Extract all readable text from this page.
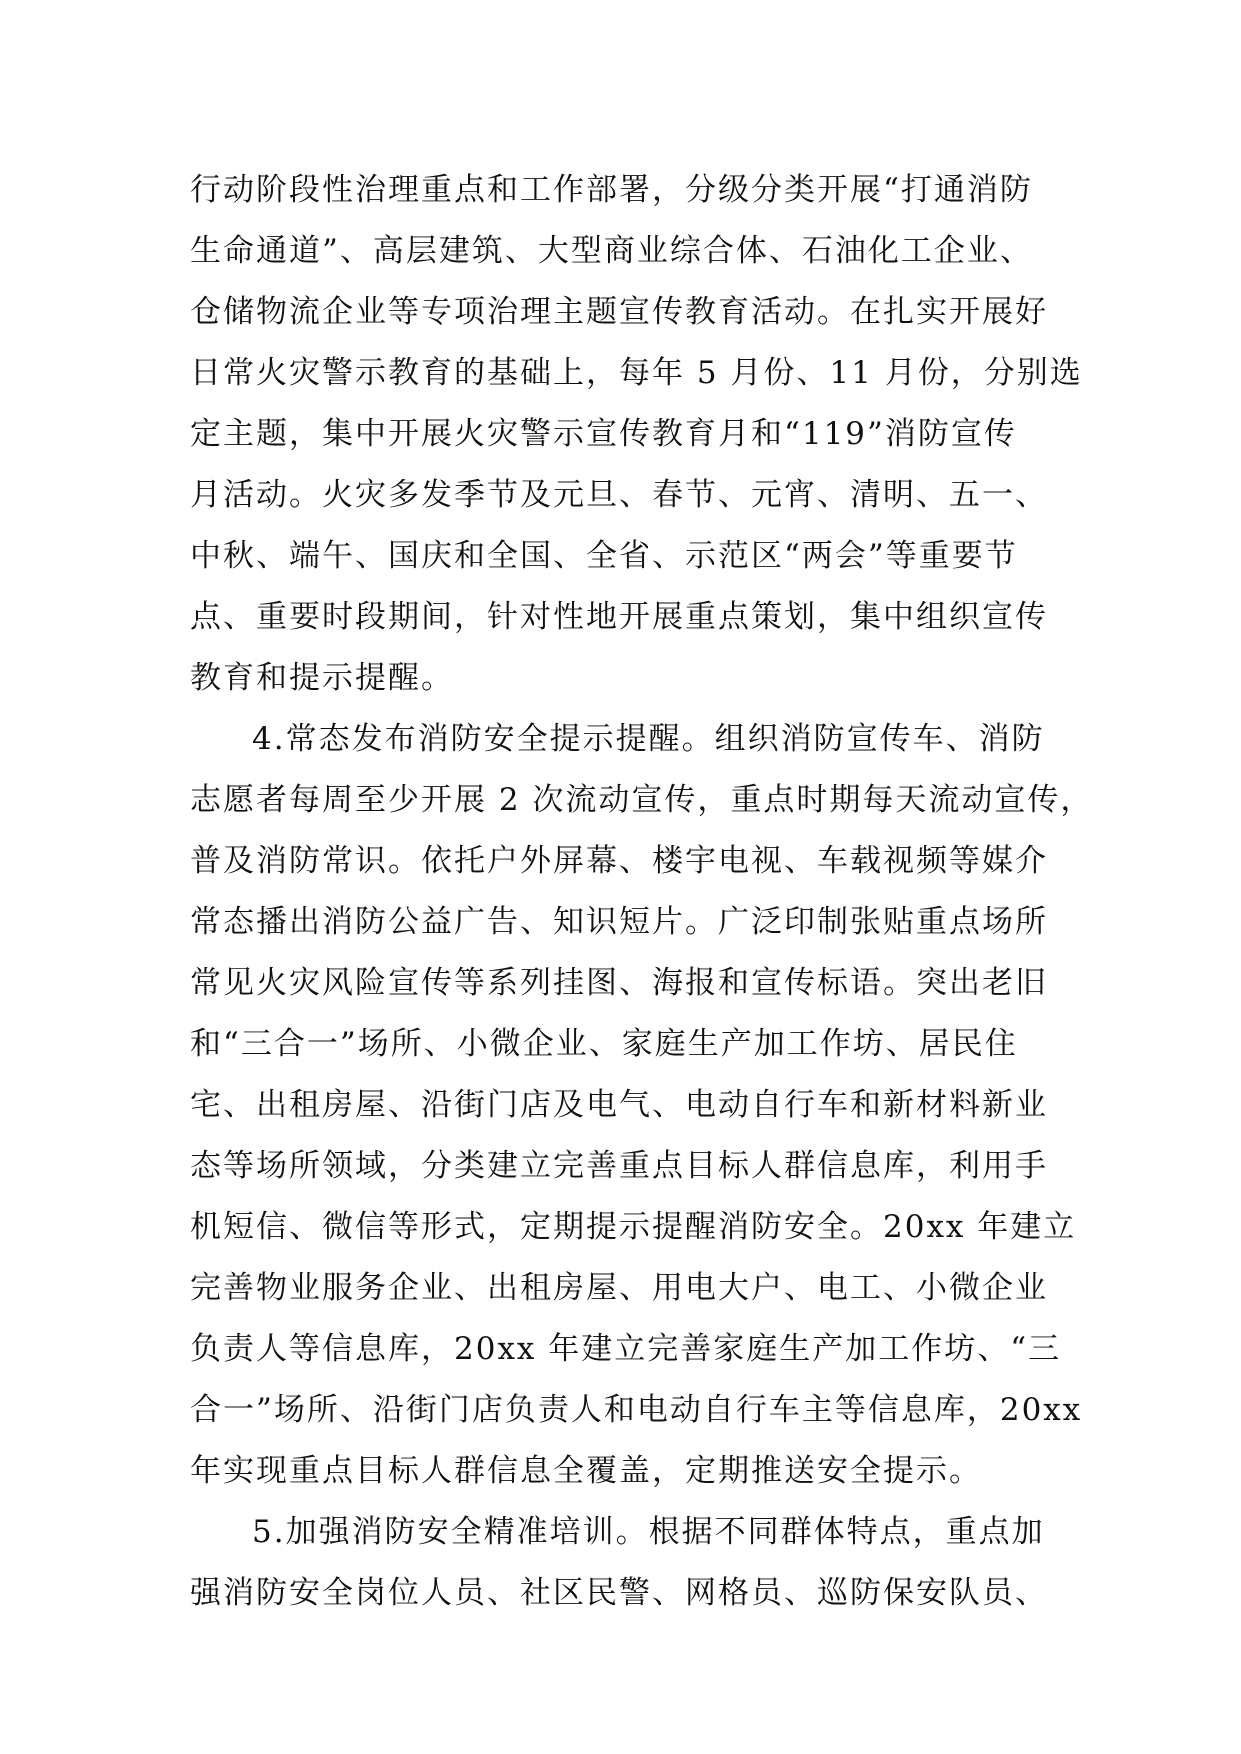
行动阶段性治理重点和工作部署，分级分类开展“打通消防
生命通道”、高层建筑、大型商业综合体、石油化工企业、
仓储物流企业等专项治理主题宣传教育活动。在扎实开展好
日常火灾警示教育的基础上，每年 5 月份、11 月份，分别选
定主题，集中开展火灾警示宣传教育月和“119”消防宣传
月活动。火灾多发季节及元旦、春节、元宵、清明、五一、
中秋、端午、国庆和全国、全省、示范区“两会”等重要节
点、重要时段期间，针对性地开展重点策划，集中组织宣传
教育和提示提醒。
4.常态发布消防安全提示提醒。组织消防宣传车、消防
志愿者每周至少开展 2 次流动宣传，重点时期每天流动宣传，
普及消防常识。依托户外屏幕、楼宇电视、车载视频等媒介
常态播出消防公益广告、知识短片。广泛印制张贴重点场所
常见火灾风险宣传等系列挂图、海报和宣传标语。突出老旧
和“三合一”场所、小微企业、家庭生产加工作坊、居民住
宅、出租房屋、沿街门店及电气、电动自行车和新材料新业
态等场所领域，分类建立完善重点目标人群信息库，利用手
机短信、微信等形式，定期提示提醒消防安全。20xx 年建立
完善物业服务企业、出租房屋、用电大户、电工、小微企业
负责人等信息库，20xx 年建立完善家庭生产加工作坊、“三
合一”场所、沿街门店负责人和电动自行车主等信息库，20xx
年实现重点目标人群信息全覆盖，定期推送安全提示。
5.加强消防安全精准培训。根据不同群体特点，重点加
强消防安全岗位人员、社区民警、网格员、巡防保安队员、
